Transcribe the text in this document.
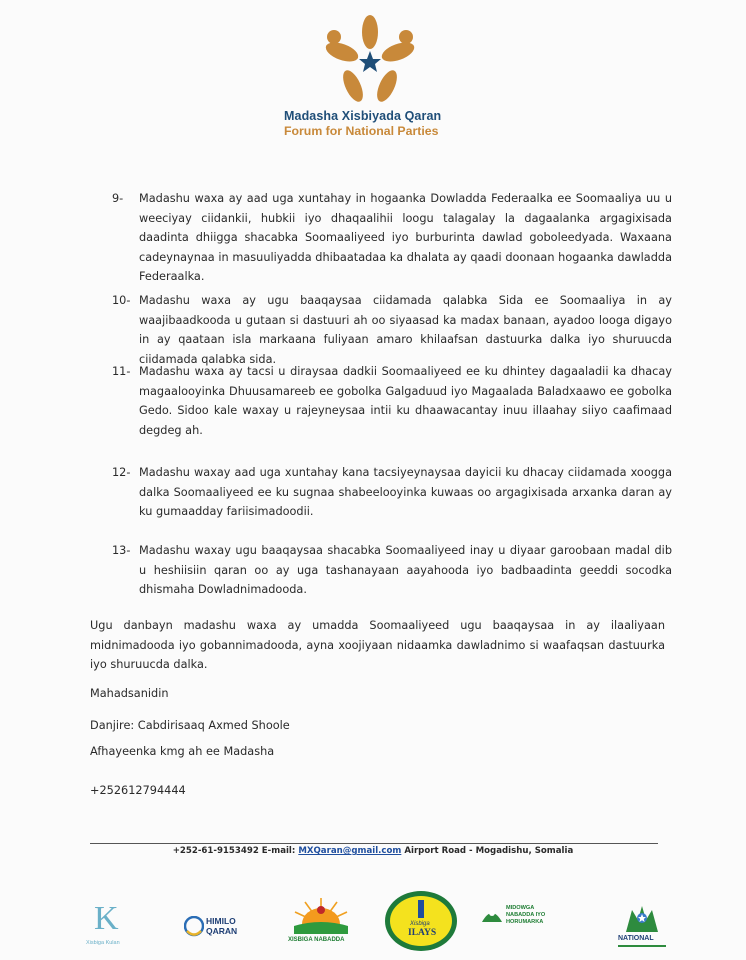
Madasha Xisbiyada Qaran
Forum for National Parties
9-	Madashu waxa ay aad uga xuntahay in hogaanka Dowladda Federaalka ee Soomaaliya uu u weeciyay ciidankii, hubkii iyo dhaqaalihii loogu talagalay la dagaalanka argagixisada daadinta dhiigga shacabka Soomaaliyeed iyo burburinta dawlad goboleedyada. Waxaana cadeynaynaa in masuuliyadda dhibaatadaa ka dhalata ay qaadi doonaan hogaanka dawladda Federaalka.
10- Madashu waxa ay ugu baaqaysaa ciidamada qalabka Sida ee Soomaaliya in ay waajibaadkooda u gutaan si dastuuri ah oo siyaasad ka madax banaan, ayadoo looga digayo in ay qaataan isla markaana fuliyaan amaro khilaafsan dastuurka dalka iyo shuruucda ciidamada qalabka sida.
11- Madashu waxa ay tacsi u diraysaa dadkii Soomaaliyeed ee ku dhintey dagaaladii ka dhacay magaalooyinka Dhuusamareeb ee gobolka Galgaduud iyo Magaalada Baladxaawo ee gobolka Gedo. Sidoo kale waxay u rajeyneysaa intii ku dhaawacantay inuu illaahay siiyo caafimaad degdeg ah.
12- Madashu waxay aad uga xuntahay kana tacsiyeynaysaa dayicii ku dhacay ciidamada xoogga dalka Soomaaliyeed ee ku sugnaa shabeelooyinka kuwaas oo argagixisada arxanka daran ay ku gumaadday fariisimadoodii.
13- Madashu waxay ugu baaqaysaa shacabka Soomaaliyeed inay u diyaar garoobaan madal dib u heshiisiin qaran oo ay uga tashanayaan aayahooda iyo badbaadinta geeddi socodka dhismaha Dowladnimadooda.
Ugu danbayn madashu waxa ay umadda Soomaaliyeed ugu baaqaysaa in ay ilaaliyaan midnimadooda iyo gobannimadooda, ayna xoojiyaan nidaamka dawladnimo si waafaqsan dastuurka iyo shuruucda dalka.
Mahadsanidin
Danjire: Cabdirisaaq Axmed Shoole
Afhayeenka kmg ah ee Madasha
+252612794444
+252-61-9153492 E-mail: MXQaran@gmail.com Airport Road - Mogadishu, Somalia
K
Xisbiga Kulan
HIMILO
QARAN
XISBIGA NABADDA
Xisbiga
ILAYS
MIDOWGA
NABADDA IYO
HORUMARKA
NATIONAL
